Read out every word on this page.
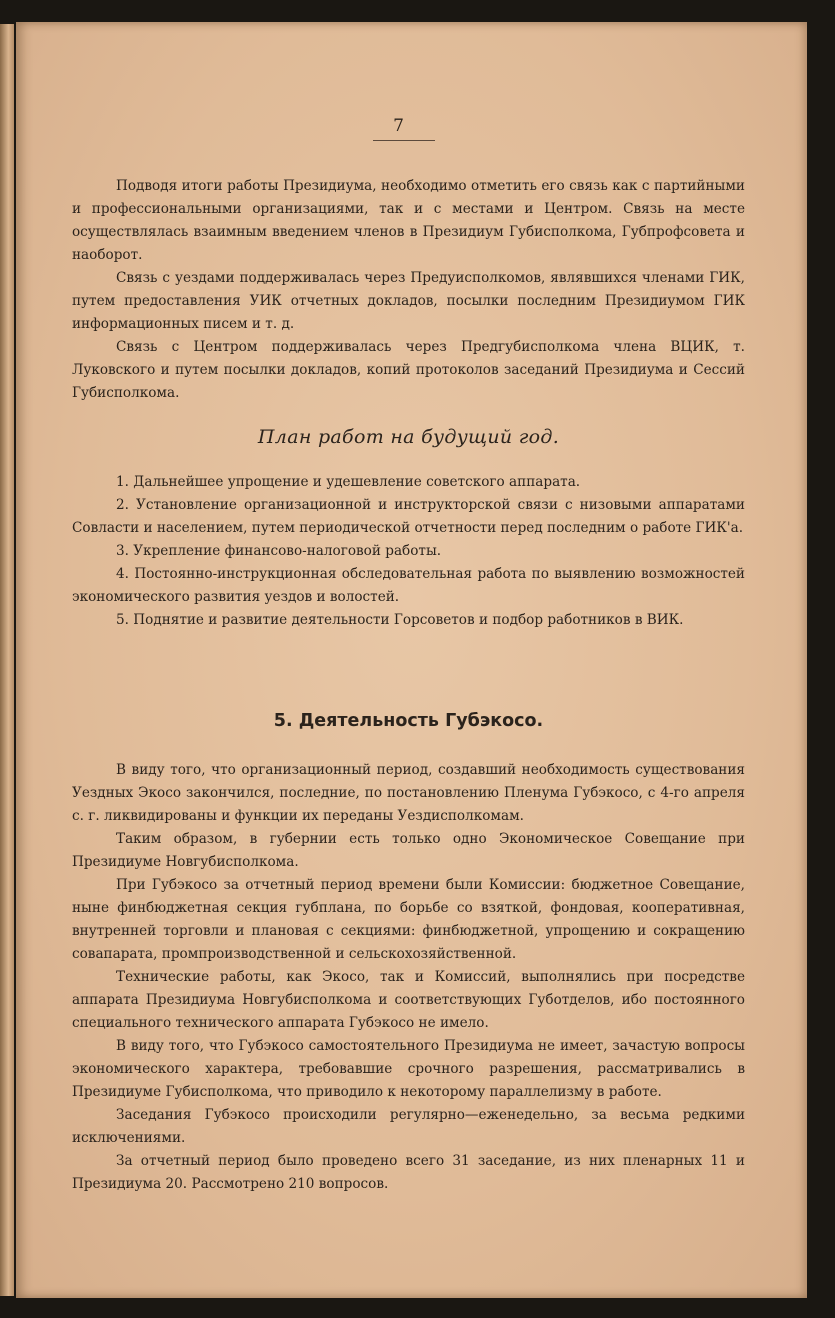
7

Подводя итоги работы Президиума, необходимо отметить его связь как с партийными и профессиональными организациями, так и с местами и Центром. Связь на месте осуществлялась взаимным введением членов в Президиум Губисполкома, Губпрофсовета и наоборот.

Связь с уездами поддерживалась через Предуисполкомов, являвшихся членами ГИК, путем предоставления УИК отчетных докладов, посылки последним Президиумом ГИК информационных писем и т. д.

Связь с Центром поддерживалась через Предгубисполкома члена ВЦИК, т. Луковского и путем посылки докладов, копий протоколов заседаний Президиума и Сессий Губисполкома.

План работ на будущий год.

1. Дальнейшее упрощение и удешевление советского аппарата.

2. Установление организационной и инструкторской связи с низовыми аппаратами Совласти и населением, путем периодической отчетности перед последним о работе ГИК'а.

3. Укрепление финансово-налоговой работы.

4. Постоянно-инструкционная обследовательная работа по выявлению возможностей экономического развития уездов и волостей.

5. Поднятие и развитие деятельности Горсоветов и подбор работников в ВИК.

5. Деятельность Губэкосо.

В виду того, что организационный период, создавший необходимость существования Уездных Экосо закончился, последние, по постановлению Пленума Губэкосо, с 4-го апреля с. г. ликвидированы и функции их переданы Уездисполкомам.

Таким образом, в губернии есть только одно Экономическое Совещание при Президиуме Новгубисполкома.

При Губэкосо за отчетный период времени были Комиссии: бюджетное Совещание, ныне финбюджетная секция губплана, по борьбе со взяткой, фондовая, кооперативная, внутренней торговли и плановая с секциями: финбюджетной, упрощению и сокращению совапарата, промпроизводственной и сельскохозяйственной.

Технические работы, как Экосо, так и Комиссий, выполнялись при посредстве аппарата Президиума Новгубисполкома и соответствующих Губотделов, ибо постоянного специального технического аппарата Губэкосо не имело.

В виду того, что Губэкосо самостоятельного Президиума не имеет, зачастую вопросы экономического характера, требовавшие срочного разрешения, рассматривались в Президиуме Губисполкома, что приводило к некоторому параллелизму в работе.

Заседания Губэкосо происходили регулярно—еженедельно, за весьма редкими исключениями.

За отчетный период было проведено всего 31 заседание, из них пленарных 11 и Президиума 20. Рассмотрено 210 вопросов.
